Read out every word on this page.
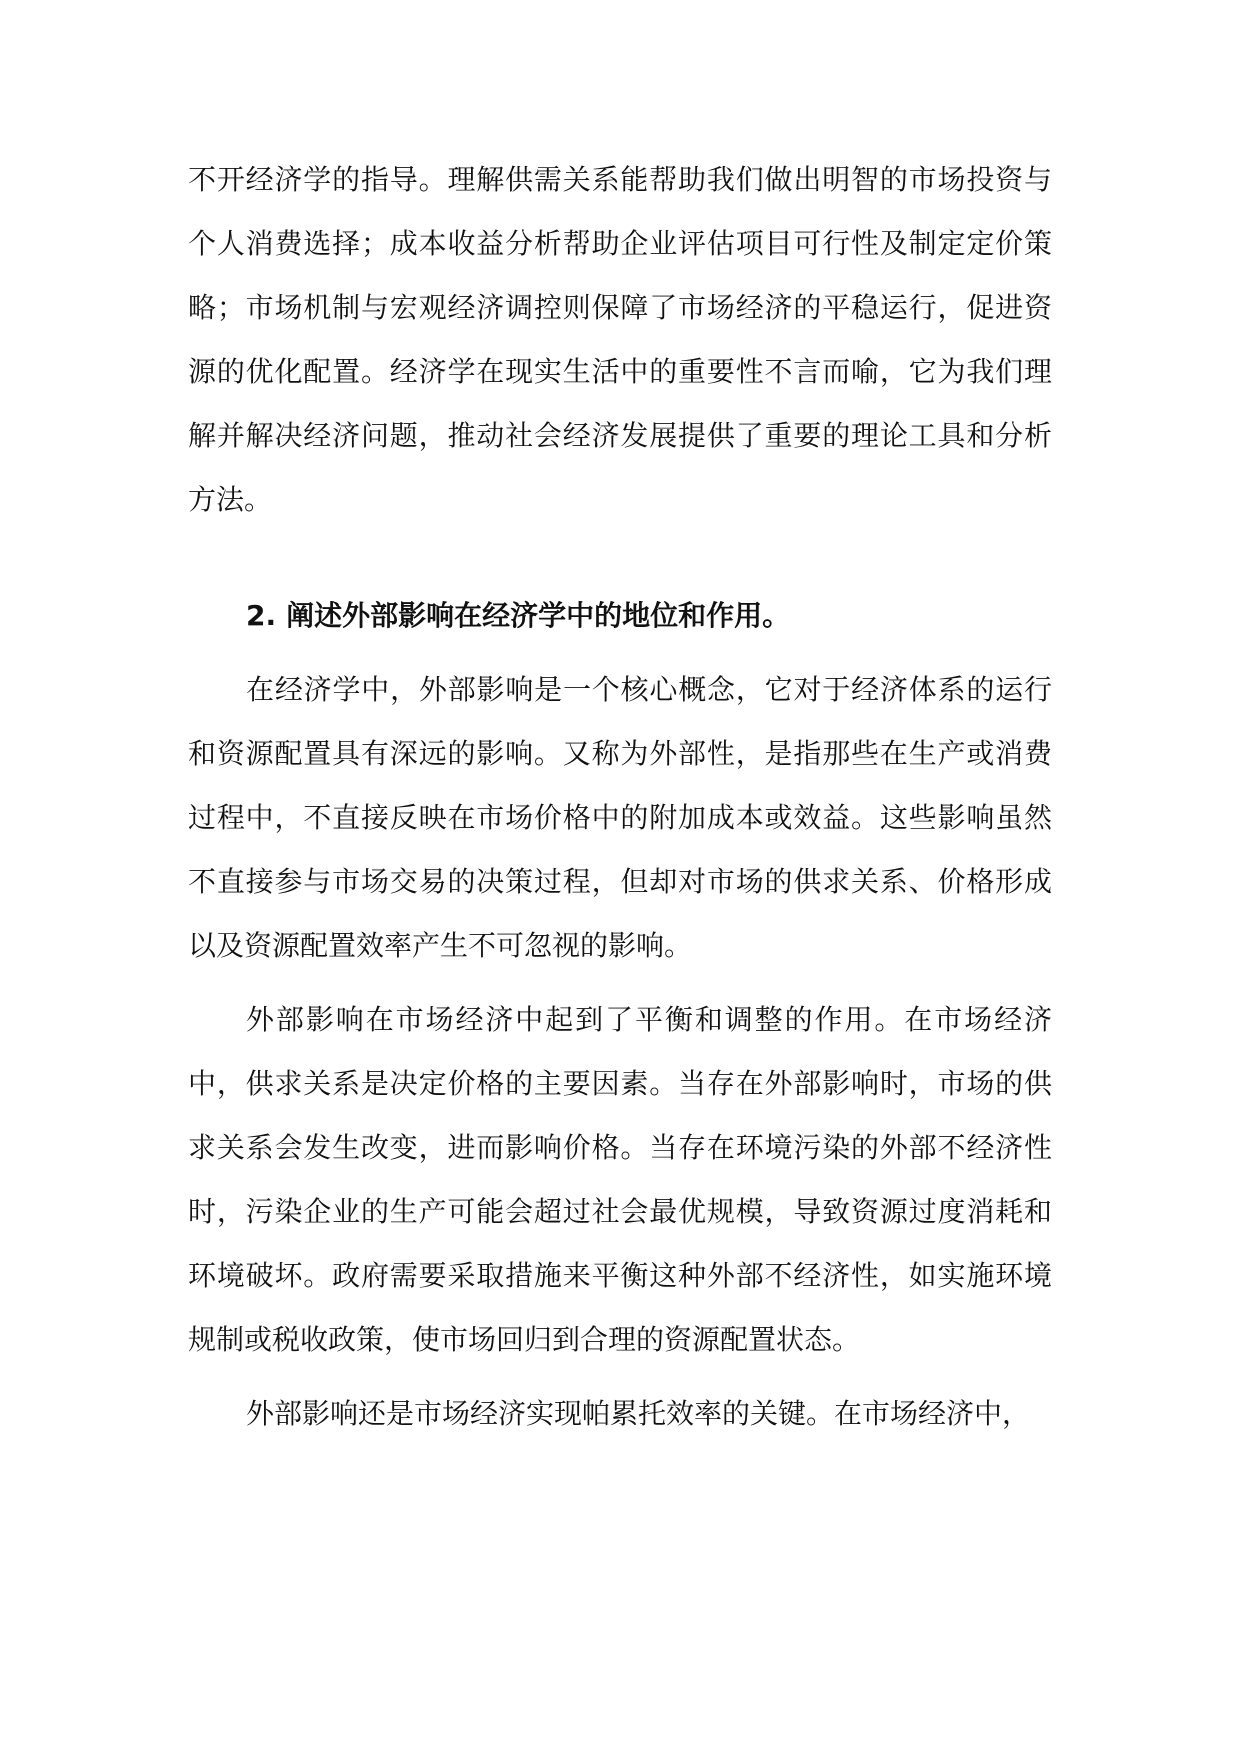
不开经济学的指导。理解供需关系能帮助我们做出明智的市场投资与个人消费选择；成本收益分析帮助企业评估项目可行性及制定定价策略；市场机制与宏观经济调控则保障了市场经济的平稳运行，促进资源的优化配置。经济学在现实生活中的重要性不言而喻，它为我们理解并解决经济问题，推动社会经济发展提供了重要的理论工具和分析方法。

2. 阐述外部影响在经济学中的地位和作用。

在经济学中，外部影响是一个核心概念，它对于经济体系的运行和资源配置具有深远的影响。又称为外部性，是指那些在生产或消费过程中，不直接反映在市场价格中的附加成本或效益。这些影响虽然不直接参与市场交易的决策过程，但却对市场的供求关系、价格形成以及资源配置效率产生不可忽视的影响。

外部影响在市场经济中起到了平衡和调整的作用。在市场经济中，供求关系是决定价格的主要因素。当存在外部影响时，市场的供求关系会发生改变，进而影响价格。当存在环境污染的外部不经济性时，污染企业的生产可能会超过社会最优规模，导致资源过度消耗和环境破坏。政府需要采取措施来平衡这种外部不经济性，如实施环境规制或税收政策，使市场回归到合理的资源配置状态。

外部影响还是市场经济实现帕累托效率的关键。在市场经济中，
